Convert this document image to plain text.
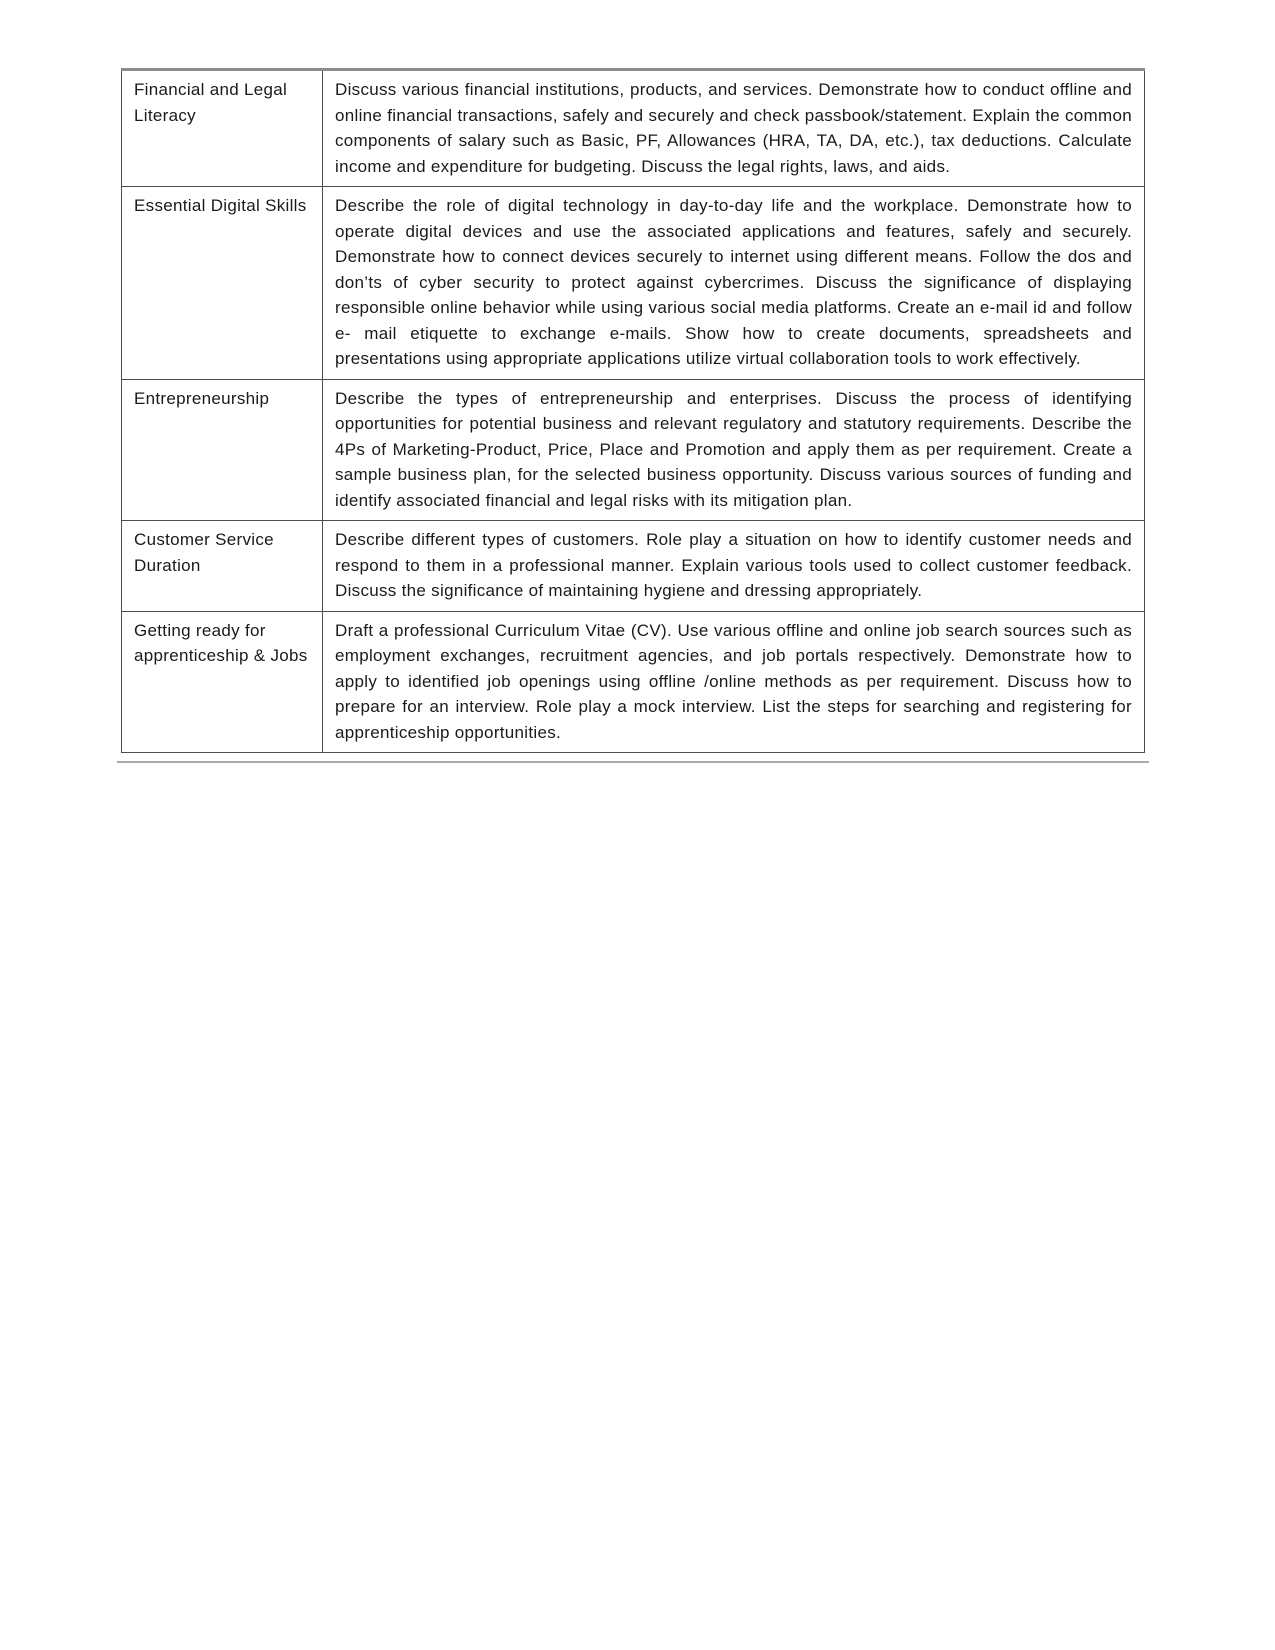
Financial and Legal Literacy	Discuss various financial institutions, products, and services. Demonstrate how to conduct offline and online financial transactions, safely and securely and check passbook/statement. Explain the common components of salary such as Basic, PF, Allowances (HRA, TA, DA, etc.), tax deductions. Calculate income and expenditure for budgeting. Discuss the legal rights, laws, and aids.
Essential Digital Skills	Describe the role of digital technology in day-to-day life and the workplace. Demonstrate how to operate digital devices and use the associated applications and features, safely and securely. Demonstrate how to connect devices securely to internet using different means. Follow the dos and don’ts of cyber security to protect against cybercrimes. Discuss the significance of displaying responsible online behavior while using various social media platforms. Create an e-mail id and follow e- mail etiquette to exchange e-mails. Show how to create documents, spreadsheets and presentations using appropriate applications utilize virtual collaboration tools to work effectively.
Entrepreneurship	Describe the types of entrepreneurship and enterprises. Discuss the process of identifying opportunities for potential business and relevant regulatory and statutory requirements. Describe the 4Ps of Marketing-Product, Price, Place and Promotion and apply them as per requirement. Create a sample business plan, for the selected business opportunity. Discuss various sources of funding and identify associated financial and legal risks with its mitigation plan.
Customer Service Duration	Describe different types of customers. Role play a situation on how to identify customer needs and respond to them in a professional manner. Explain various tools used to collect customer feedback. Discuss the significance of maintaining hygiene and dressing appropriately.
Getting ready for apprenticeship & Jobs	Draft a professional Curriculum Vitae (CV). Use various offline and online job search sources such as employment exchanges, recruitment agencies, and job portals respectively. Demonstrate how to apply to identified job openings using offline /online methods as per requirement. Discuss how to prepare for an interview. Role play a mock interview. List the steps for searching and registering for apprenticeship opportunities.
